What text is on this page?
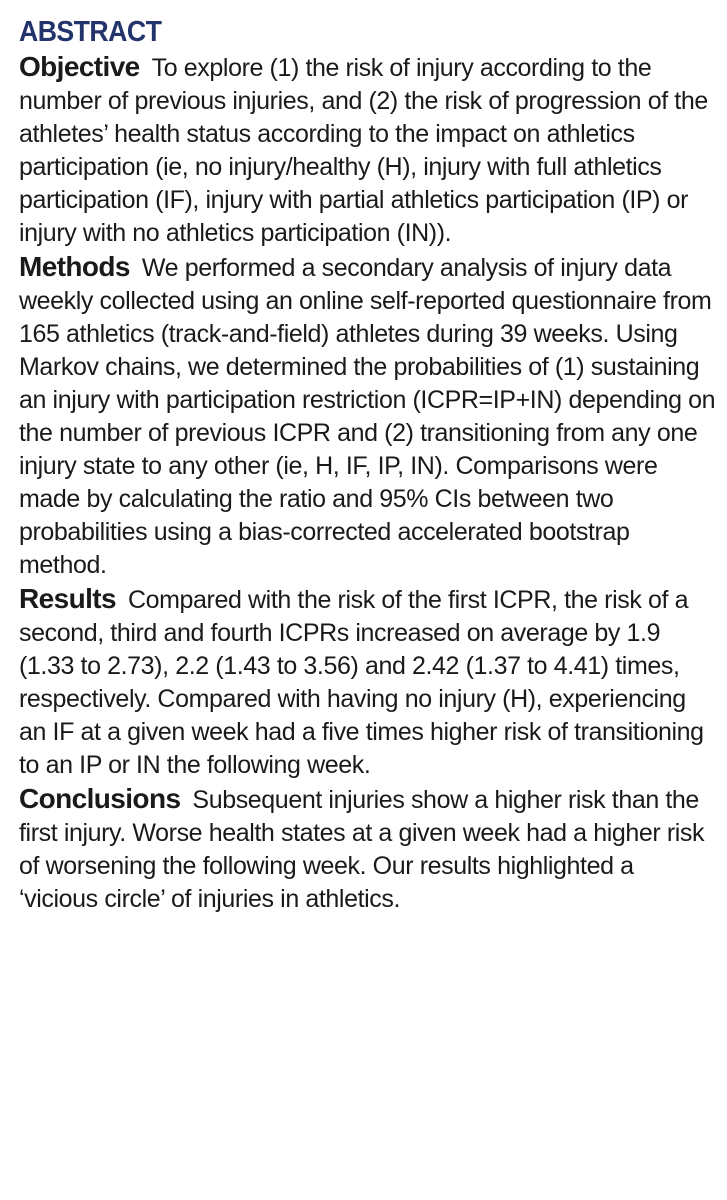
ABSTRACT

Objective To explore (1) the risk of injury according to the number of previous injuries, and (2) the risk of progression of the athletes’ health status according to the impact on athletics participation (ie, no injury/healthy (H), injury with full athletics participation (IF), injury with partial athletics participation (IP) or injury with no athletics participation (IN)).

Methods We performed a secondary analysis of injury data weekly collected using an online self-reported questionnaire from 165 athletics (track-and-field) athletes during 39 weeks. Using Markov chains, we determined the probabilities of (1) sustaining an injury with participation restriction (ICPR=IP+IN) depending on the number of previous ICPR and (2) transitioning from any one injury state to any other (ie, H, IF, IP, IN). Comparisons were made by calculating the ratio and 95% CIs between two probabilities using a bias-corrected accelerated bootstrap method.

Results Compared with the risk of the first ICPR, the risk of a second, third and fourth ICPRs increased on average by 1.9 (1.33 to 2.73), 2.2 (1.43 to 3.56) and 2.42 (1.37 to 4.41) times, respectively. Compared with having no injury (H), experiencing an IF at a given week had a five times higher risk of transitioning to an IP or IN the following week.

Conclusions Subsequent injuries show a higher risk than the first injury. Worse health states at a given week had a higher risk of worsening the following week. Our results highlighted a ‘vicious circle’ of injuries in athletics.
